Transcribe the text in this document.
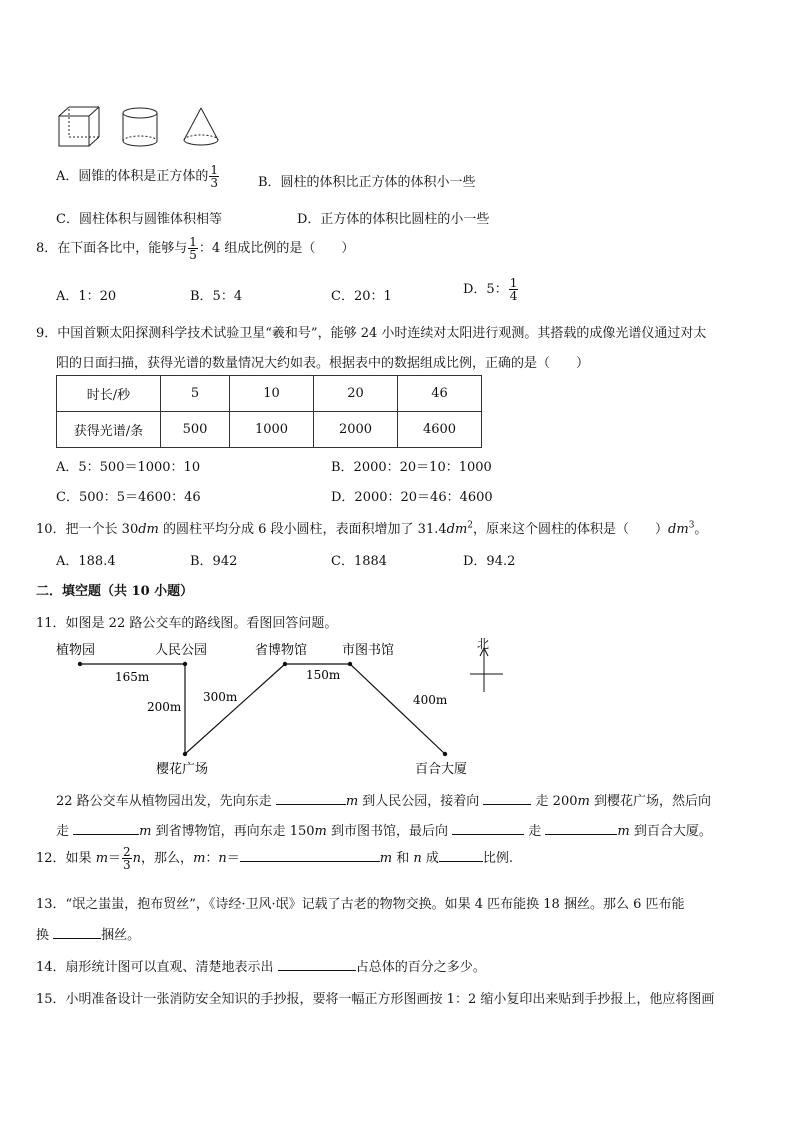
A．圆锥的体积是正方体的 $\frac{1}{3}$	B．圆柱的体积比正方体的体积小一些
C．圆柱体积与圆锥体积相等	D．正方体的体积比圆柱的小一些
8．在下面各比中，能够与 $\frac{1}{5}$ ：4 组成比例的是（　　）
A．1：20	B．5：4	C．20：1	D．5： $\frac{1}{4}$
9．中国首颗太阳探测科学技术试验卫星“羲和号”，能够 24 小时连续对太阳进行观测。其搭载的成像光谱仪通过对太
阳的日面扫描，获得光谱的数量情况大约如表。根据表中的数据组成比例，正确的是（　　）
时长/秒	5	10	20	46
获得光谱/条	500	1000	2000	4600
A．5：500＝1000：10	B．2000：20＝10：1000
C．500：5＝4600：46	D．2000：20＝46：4600
10．把一个长 30dm 的圆柱平均分成 6 段小圆柱，表面积增加了 $31.4dm^2$，原来这个圆柱的体积是（　　）$dm^3$。
A．188.4	B．942	C．1884	D．94.2
二．填空题（共 10 小题）
11．如图是 22 路公交车的路线图。看图回答问题。
植物园	人民公园	省博物馆	市图书馆
樱花广场	百合大厦
165m
200m
300m
150m
400m
北
22 路公交车从植物园出发，先向东走	m 到人民公园，接着向	走 200m 到樱花广场，然后向
走	m 到省博物馆，再向东走 150m 到市图书馆，最后向	走	m 到百合大厦。
12．如果 $m= \frac{2}{3}$ n，那么，m：n＝	m 和 n 成	比例.
13．“氓之蚩蚩，抱布贸丝”，《诗经·卫风·氓》记载了古老的物物交换。如果 4 匹布能换 18 捆丝。那么 6 匹布能
换	捆丝。
14．扇形统计图可以直观、清楚地表示出	占总体的百分之多少。
15．小明准备设计一张消防安全知识的手抄报，要将一幅正方形图画按 1：2 缩小复印出来贴到手抄报上，他应将图画
